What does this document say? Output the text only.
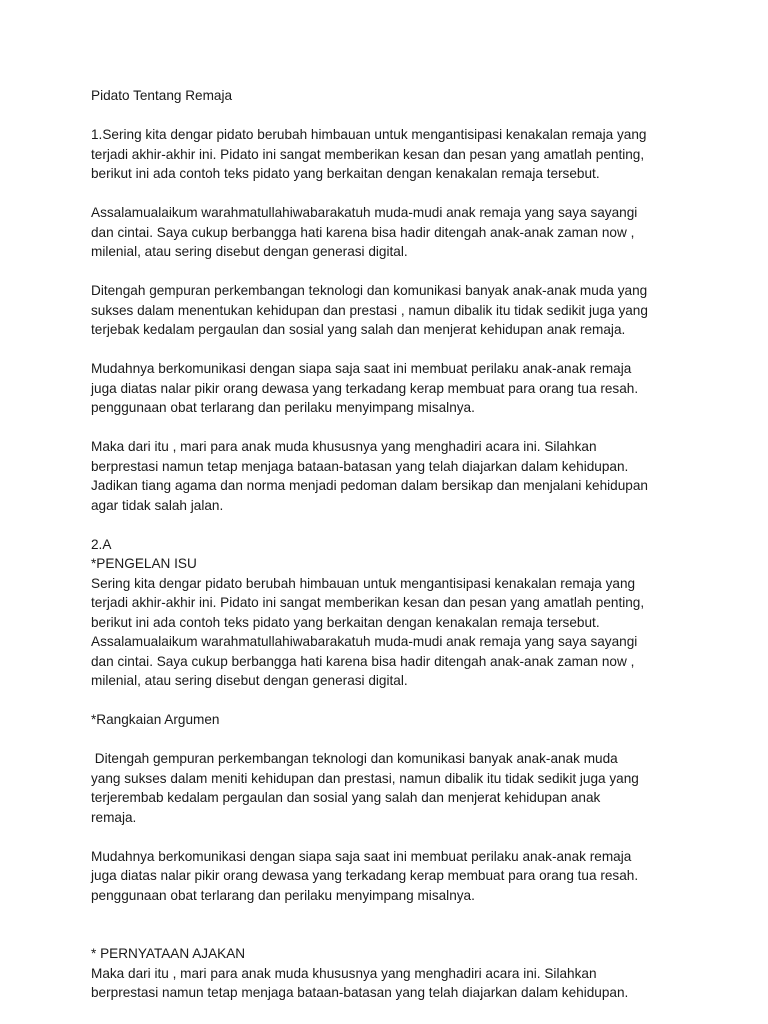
Pidato Tentang Remaja
1.Sering kita dengar pidato berubah himbauan untuk mengantisipasi kenakalan remaja yang
terjadi akhir-akhir ini. Pidato ini sangat memberikan kesan dan pesan yang amatlah penting,
berikut ini ada contoh teks pidato yang berkaitan dengan kenakalan remaja tersebut.
Assalamualaikum warahmatullahiwabarakatuh muda-mudi anak remaja yang saya sayangi
dan cintai. Saya cukup berbangga hati karena bisa hadir ditengah anak-anak zaman now ,
milenial, atau sering disebut dengan generasi digital.
Ditengah gempuran perkembangan teknologi dan komunikasi banyak anak-anak muda yang
sukses dalam menentukan kehidupan dan prestasi , namun dibalik itu tidak sedikit juga yang
terjebak kedalam pergaulan dan sosial yang salah dan menjerat kehidupan anak remaja.
Mudahnya berkomunikasi dengan siapa saja saat ini membuat perilaku anak-anak remaja
juga diatas nalar pikir orang dewasa yang terkadang kerap membuat para orang tua resah.
penggunaan obat terlarang dan perilaku menyimpang misalnya.
Maka dari itu , mari para anak muda khususnya yang menghadiri acara ini. Silahkan
berprestasi namun tetap menjaga bataan-batasan yang telah diajarkan dalam kehidupan.
Jadikan tiang agama dan norma menjadi pedoman dalam bersikap dan menjalani kehidupan
agar tidak salah jalan.
2.A
*PENGELAN ISU
Sering kita dengar pidato berubah himbauan untuk mengantisipasi kenakalan remaja yang
terjadi akhir-akhir ini. Pidato ini sangat memberikan kesan dan pesan yang amatlah penting,
berikut ini ada contoh teks pidato yang berkaitan dengan kenakalan remaja tersebut.
Assalamualaikum warahmatullahiwabarakatuh muda-mudi anak remaja yang saya sayangi
dan cintai. Saya cukup berbangga hati karena bisa hadir ditengah anak-anak zaman now ,
milenial, atau sering disebut dengan generasi digital.
*Rangkaian Argumen
Ditengah gempuran perkembangan teknologi dan komunikasi banyak anak-anak muda
yang sukses dalam meniti kehidupan dan prestasi, namun dibalik itu tidak sedikit juga yang
terjerembab kedalam pergaulan dan sosial yang salah dan menjerat kehidupan anak
remaja.
Mudahnya berkomunikasi dengan siapa saja saat ini membuat perilaku anak-anak remaja
juga diatas nalar pikir orang dewasa yang terkadang kerap membuat para orang tua resah.
penggunaan obat terlarang dan perilaku menyimpang misalnya.
* PERNYATAAN AJAKAN
Maka dari itu , mari para anak muda khususnya yang menghadiri acara ini. Silahkan
berprestasi namun tetap menjaga bataan-batasan yang telah diajarkan dalam kehidupan.
